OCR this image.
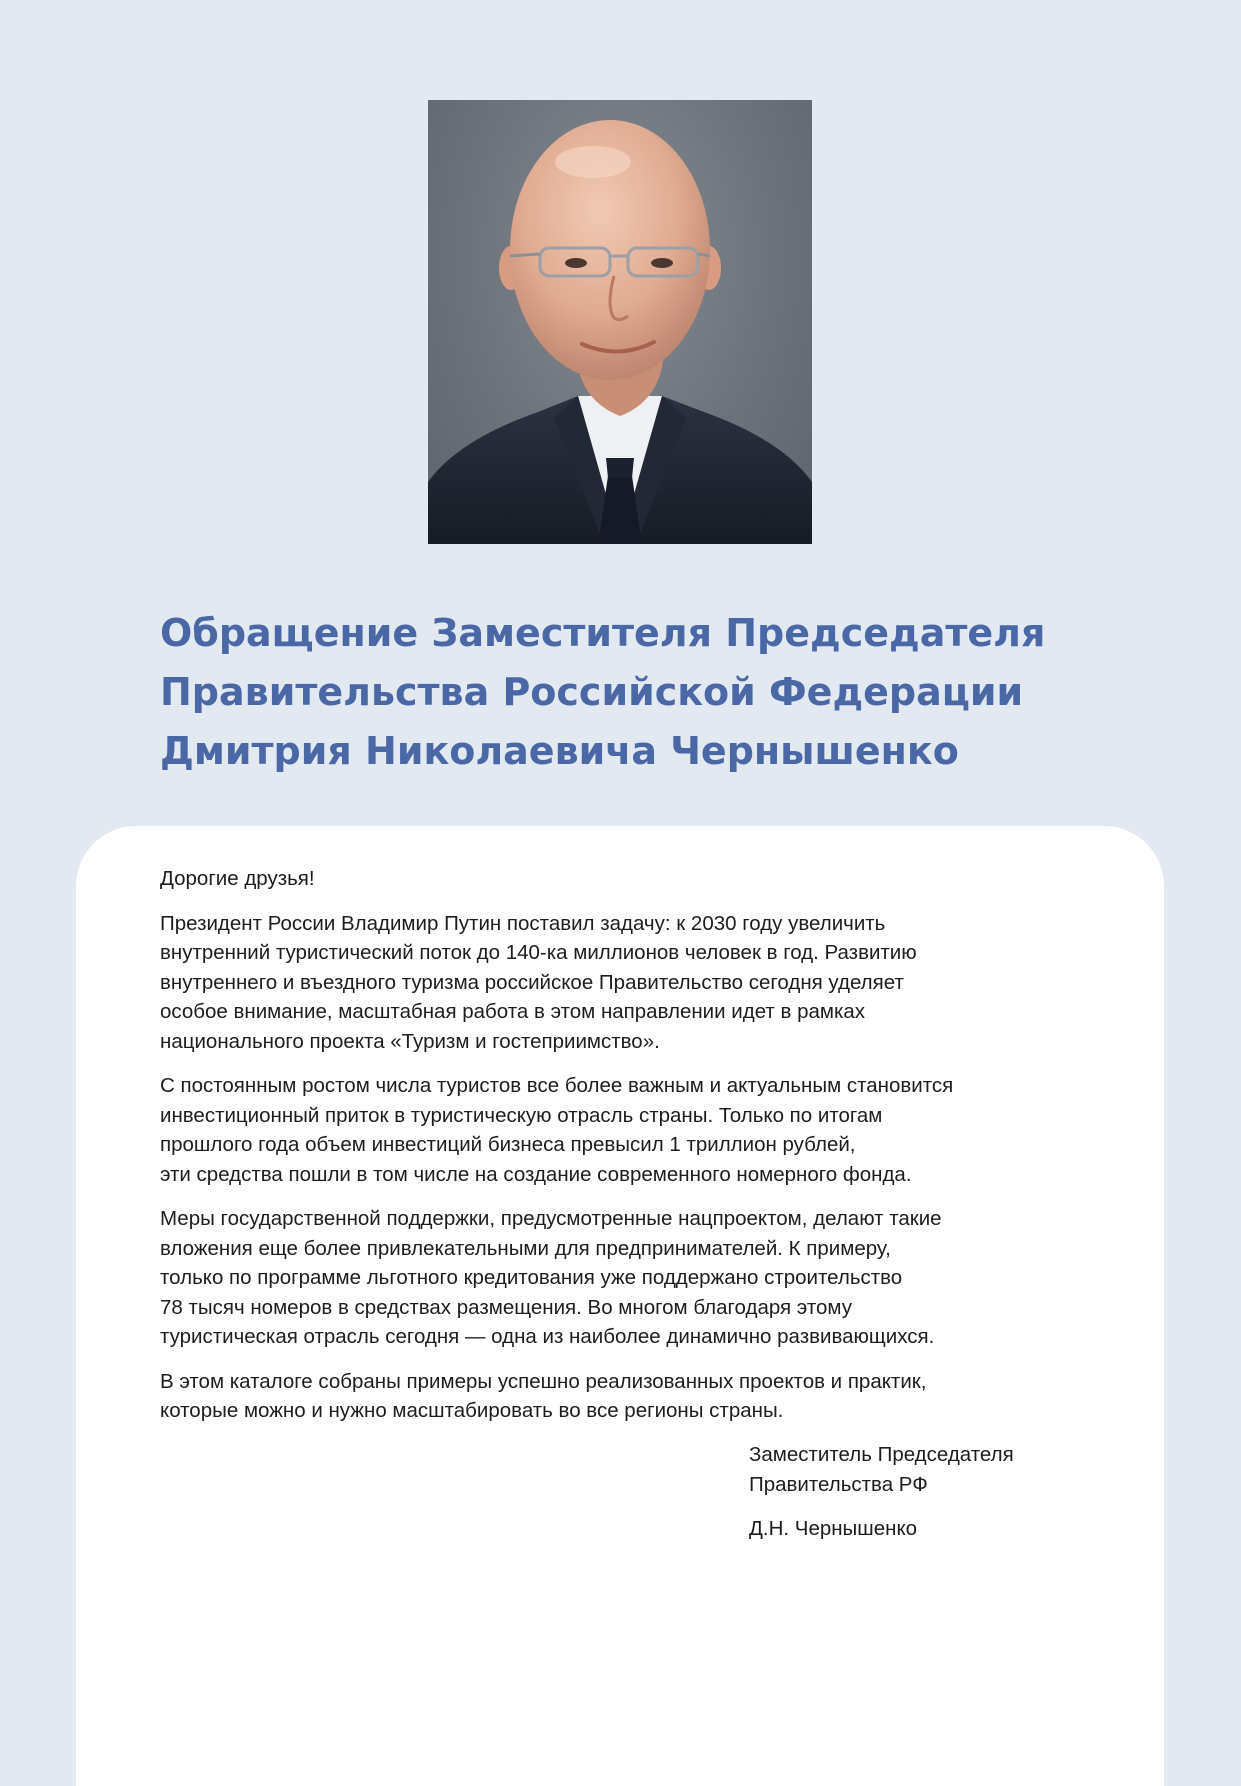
Обращение Заместителя Председателя
Правительства Российской Федерации
Дмитрия Николаевича Чернышенко

Дорогие друзья!

Президент России Владимир Путин поставил задачу: к 2030 году увеличить
внутренний туристический поток до 140-ка миллионов человек в год. Развитию
внутреннего и въездного туризма российское Правительство сегодня уделяет
особое внимание, масштабная работа в этом направлении идет в рамках
национального проекта «Туризм и гостеприимство».

С постоянным ростом числа туристов все более важным и актуальным становится
инвестиционный приток в туристическую отрасль страны. Только по итогам
прошлого года объем инвестиций бизнеса превысил 1 триллион рублей,
эти средства пошли в том числе на создание современного номерного фонда.

Меры государственной поддержки, предусмотренные нацпроектом, делают такие
вложения еще более привлекательными для предпринимателей. К примеру,
только по программе льготного кредитования уже поддержано строительство
78 тысяч номеров в средствах размещения. Во многом благодаря этому
туристическая отрасль сегодня — одна из наиболее динамично развивающихся.

В этом каталоге собраны примеры успешно реализованных проектов и практик,
которые можно и нужно масштабировать во все регионы страны.

Заместитель Председателя
Правительства РФ

Д.Н. Чернышенко
